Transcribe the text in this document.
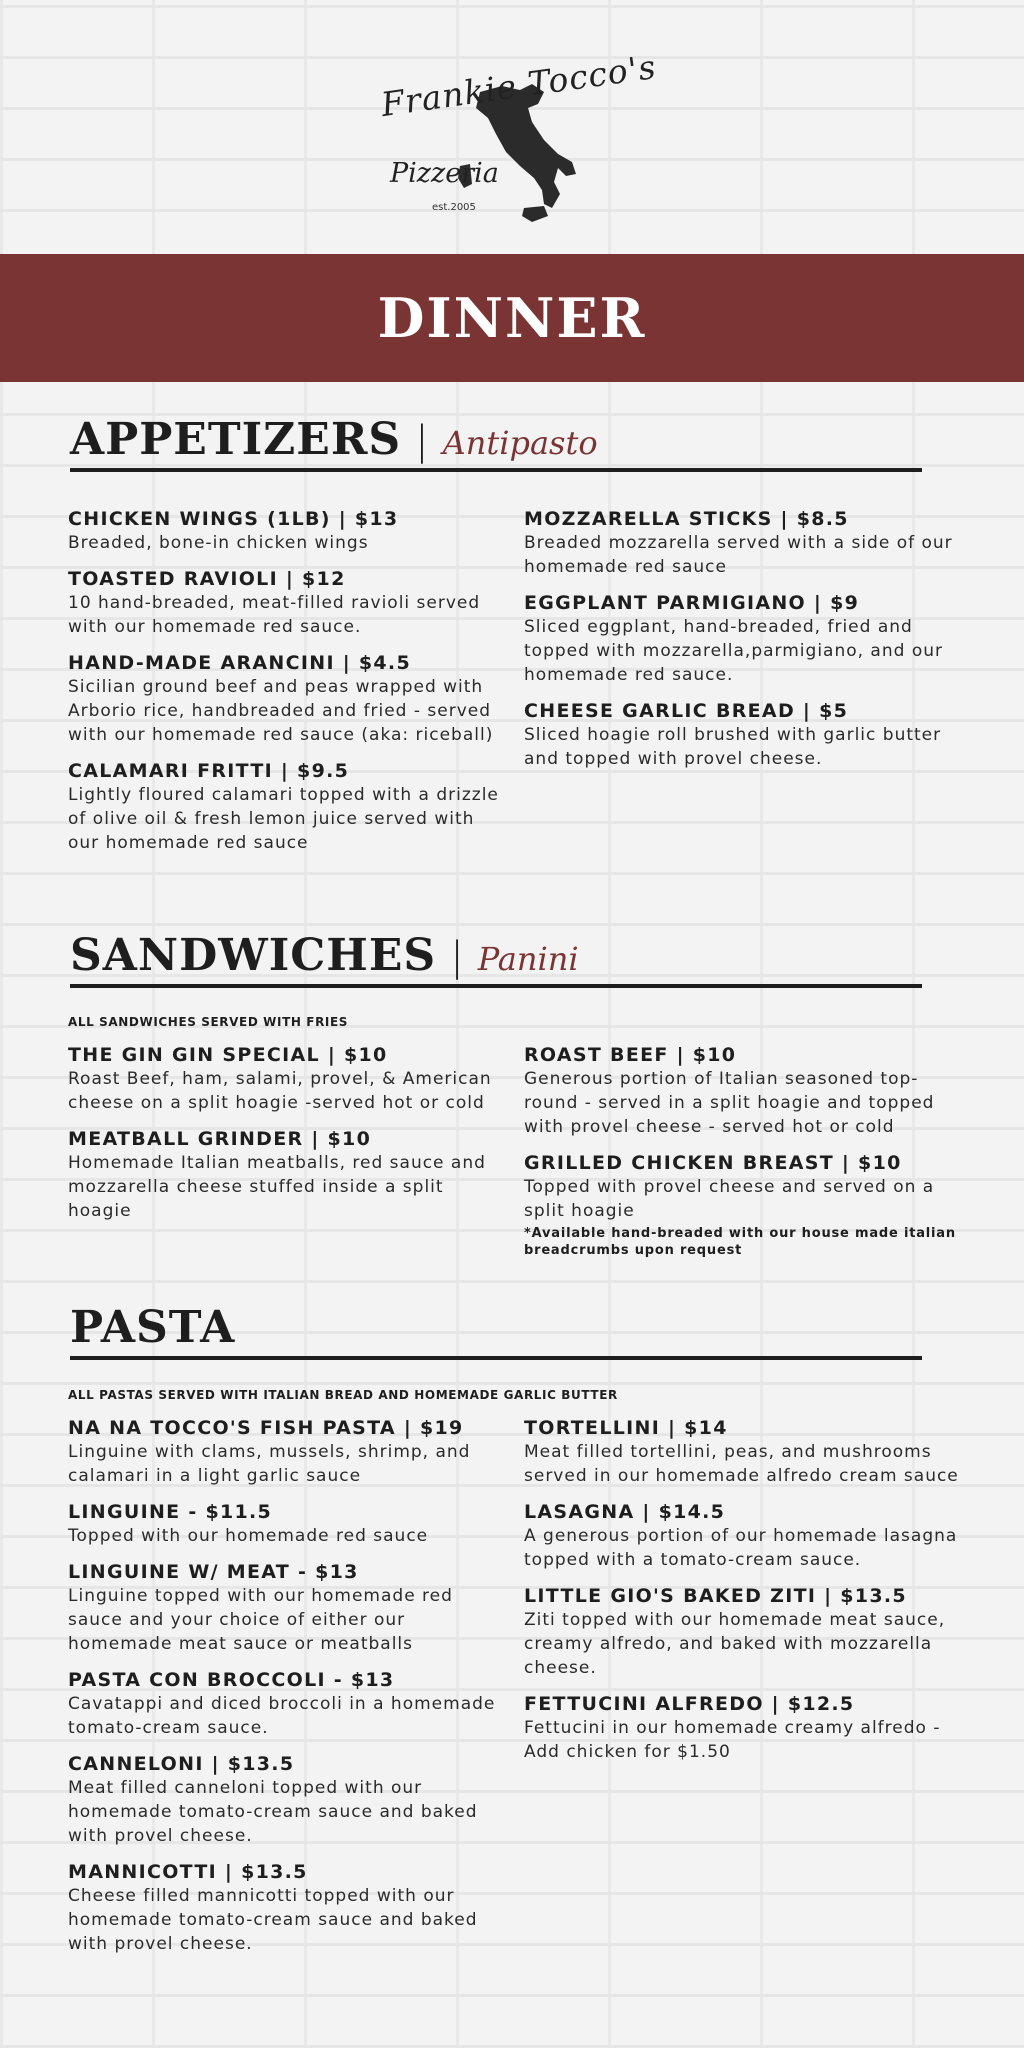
Frankie Tocco's
Pizzeria
est.2005
DINNER
APPETIZERS | Antipasto
CHICKEN WINGS (1LB) | $13
Breaded, bone-in chicken wings
TOASTED RAVIOLI | $12
10 hand-breaded, meat-filled ravioli served with our homemade red sauce.
HAND-MADE ARANCINI | $4.5
Sicilian ground beef and peas wrapped with Arborio rice, handbreaded and fried - served with our homemade red sauce (aka: riceball)
CALAMARI FRITTI | $9.5
Lightly floured calamari topped with a drizzle of olive oil & fresh lemon juice served with our homemade red sauce
MOZZARELLA STICKS | $8.5
Breaded mozzarella served with a side of our homemade red sauce
EGGPLANT PARMIGIANO | $9
Sliced eggplant, hand-breaded, fried and topped with mozzarella,parmigiano, and our homemade red sauce.
CHEESE GARLIC BREAD | $5
Sliced hoagie roll brushed with garlic butter and topped with provel cheese.
SANDWICHES | Panini
ALL SANDWICHES SERVED WITH FRIES
THE GIN GIN SPECIAL | $10
Roast Beef, ham, salami, provel, & American cheese on a split hoagie -served hot or cold
MEATBALL GRINDER | $10
Homemade Italian meatballs, red sauce and mozzarella cheese stuffed inside a split hoagie
ROAST BEEF | $10
Generous portion of Italian seasoned top-round - served in a split hoagie and topped with provel cheese - served hot or cold
GRILLED CHICKEN BREAST | $10
Topped with provel cheese and served on a split hoagie
*Available hand-breaded with our house made italian breadcrumbs upon request
PASTA
ALL PASTAS SERVED WITH ITALIAN BREAD AND HOMEMADE GARLIC BUTTER
NA NA TOCCO'S FISH PASTA | $19
Linguine with clams, mussels, shrimp, and calamari in a light garlic sauce
LINGUINE - $11.5
Topped with our homemade red sauce
LINGUINE W/ MEAT - $13
Linguine topped with our homemade red sauce and your choice of either our homemade meat sauce or meatballs
PASTA CON BROCCOLI - $13
Cavatappi and diced broccoli in a homemade tomato-cream sauce.
CANNELONI | $13.5
Meat filled canneloni topped with our homemade tomato-cream sauce and baked with provel cheese.
MANNICOTTI | $13.5
Cheese filled mannicotti topped with our homemade tomato-cream sauce and baked with provel cheese.
TORTELLINI | $14
Meat filled tortellini, peas, and mushrooms served in our homemade alfredo cream sauce
LASAGNA | $14.5
A generous portion of our homemade lasagna topped with a tomato-cream sauce.
LITTLE GIO'S BAKED ZITI | $13.5
Ziti topped with our homemade meat sauce, creamy alfredo, and baked with mozzarella cheese.
FETTUCINI ALFREDO | $12.5
Fettucini in our homemade creamy alfredo - Add chicken for $1.50
